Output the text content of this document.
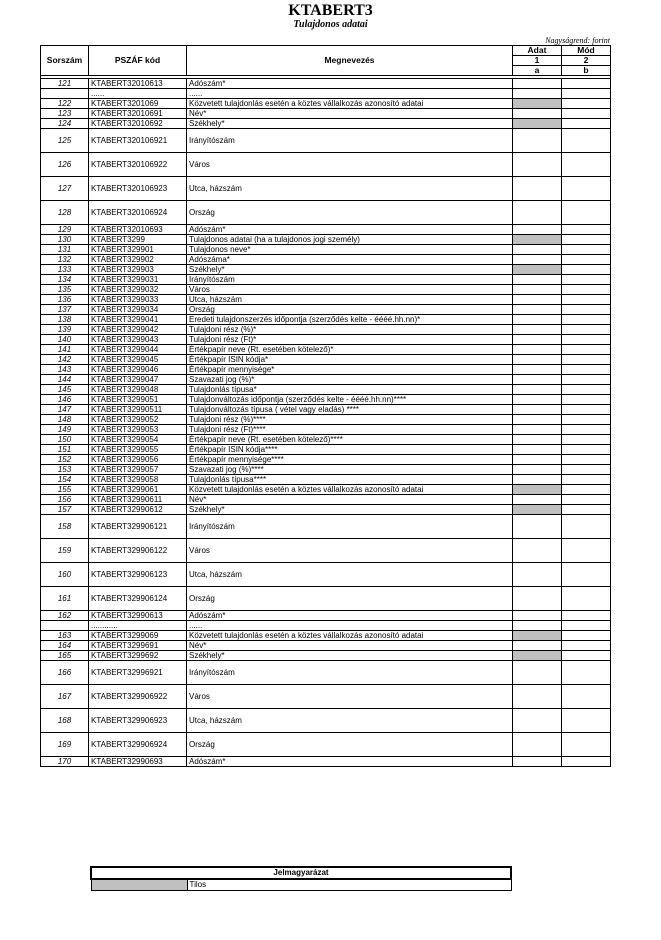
KTABERT3
Tulajdonos adatai
Nagyságrend: forint
Sorszám	PSZÁF kód	Megnevezés	Adat	Mód
			1	2
			a	b

121	KTABERT32010613	Adószám*		
	......	......		
122	KTABERT3201069	Közvetett tulajdonlás esetén a köztes vállalkozás azonosító adatai		
123	KTABERT32010691	Név*		
124	KTABERT32010692	Székhely*		
125	KTABERT320106921	Irányítószám		
126	KTABERT320106922	Város		
127	KTABERT320106923	Utca, házszám		
128	KTABERT320106924	Ország		
129	KTABERT32010693	Adószám*		
130	KTABERT3299	Tulajdonos adatai (ha a tulajdonos jogi személy)		
131	KTABERT329901	Tulajdonos neve*		
132	KTABERT329902	Adószáma*		
133	KTABERT329903	Székhely*		
134	KTABERT3299031	Irányítószám		
135	KTABERT3299032	Város		
136	KTABERT3299033	Utca, házszám		
137	KTABERT3299034	Ország		
138	KTABERT3299041	Eredeti tulajdonszerzés időpontja (szerződés kelte - éééé.hh.nn)*		
139	KTABERT3299042	Tulajdoni rész (%)*		
140	KTABERT3299043	Tulajdoni rész (Ft)*		
141	KTABERT3299044	Értékpapír neve (Rt. esetében kötelező)*		
142	KTABERT3299045	Értékpapír ISIN kódja*		
143	KTABERT3299046	Értékpapír mennyisége*		
144	KTABERT3299047	Szavazati jog (%)*		
145	KTABERT3299048	Tulajdonlás típusa*		
146	KTABERT3299051	Tulajdonváltozás időpontja (szerződés kelte - éééé.hh.nn)****		
147	KTABERT32990511	Tulajdonváltozás típusa ( vétel vagy eladás) ****		
148	KTABERT3299052	Tulajdoni rész (%)****		
149	KTABERT3299053	Tulajdoni rész (Ft)****		
150	KTABERT3299054	Értékpapír neve (Rt. esetében kötelező)****		
151	KTABERT3299055	Értékpapír ISIN kódja****		
152	KTABERT3299056	Értékpapír mennyisége****		
153	KTABERT3299057	Szavazati jog (%)****		
154	KTABERT3299058	Tulajdonlás típusa****		
155	KTABERT3299061	Közvetett tulajdonlás esetén a köztes vállalkozás azonosító adatai		
156	KTABERT32990611	Név*		
157	KTABERT32990612	Székhely*		
158	KTABERT329906121	Irányítószám		
159	KTABERT329906122	Város		
160	KTABERT329906123	Utca, házszám		
161	KTABERT329906124	Ország		
162	KTABERT32990613	Adószám*		
	............	......		
163	KTABERT3299069	Közvetett tulajdonlás esetén a köztes vállalkozás azonosító adatai		
164	KTABERT3299691	Név*		
165	KTABERT3299692	Székhely*		
166	KTABERT32996921	Irányítószám		
167	KTABERT329906922	Város		
168	KTABERT329906923	Utca, házszám		
169	KTABERT329906924	Ország		
170	KTABERT32990693	Adószám*		
Jelmagyarázat
	Tilos
